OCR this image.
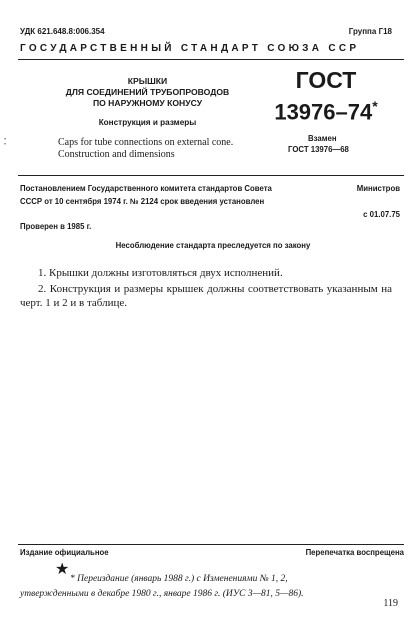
УДК 621.648.8:006.354	Группа Г18
ГОСУДАРСТВЕННЫЙ СТАНДАРТ СОЮЗА ССР
КРЫШКИ
ДЛЯ СОЕДИНЕНИЙ ТРУБОПРОВОДОВ
ПО НАРУЖНОМУ КОНУСУ
Конструкция и размеры
ГОСТ
13976–74*
•
•	Caps for tube connections on external cone.
Construction and dimensions
Взамен
ГОСТ 13976—68
Постановлением Государственного комитета стандартов Совета	Министров
СССР от 10 сентября 1974 г. № 2124 срок введения установлен
с 01.07.75
Проверен в 1985 г.
Несоблюдение стандарта преследуется по закону
1. Крышки должны изготовляться двух исполнений.
2. Конструкция и размеры крышек должны соответствовать указанным на черт. 1 и 2 и в таблице.
Издание официальное	Перепечатка воспрещена
★
* Переиздание (январь 1988 г.) с Изменениями № 1, 2,
утвержденными в декабре 1980 г., январе 1986 г. (ИУС 3—81, 5—86).
119
